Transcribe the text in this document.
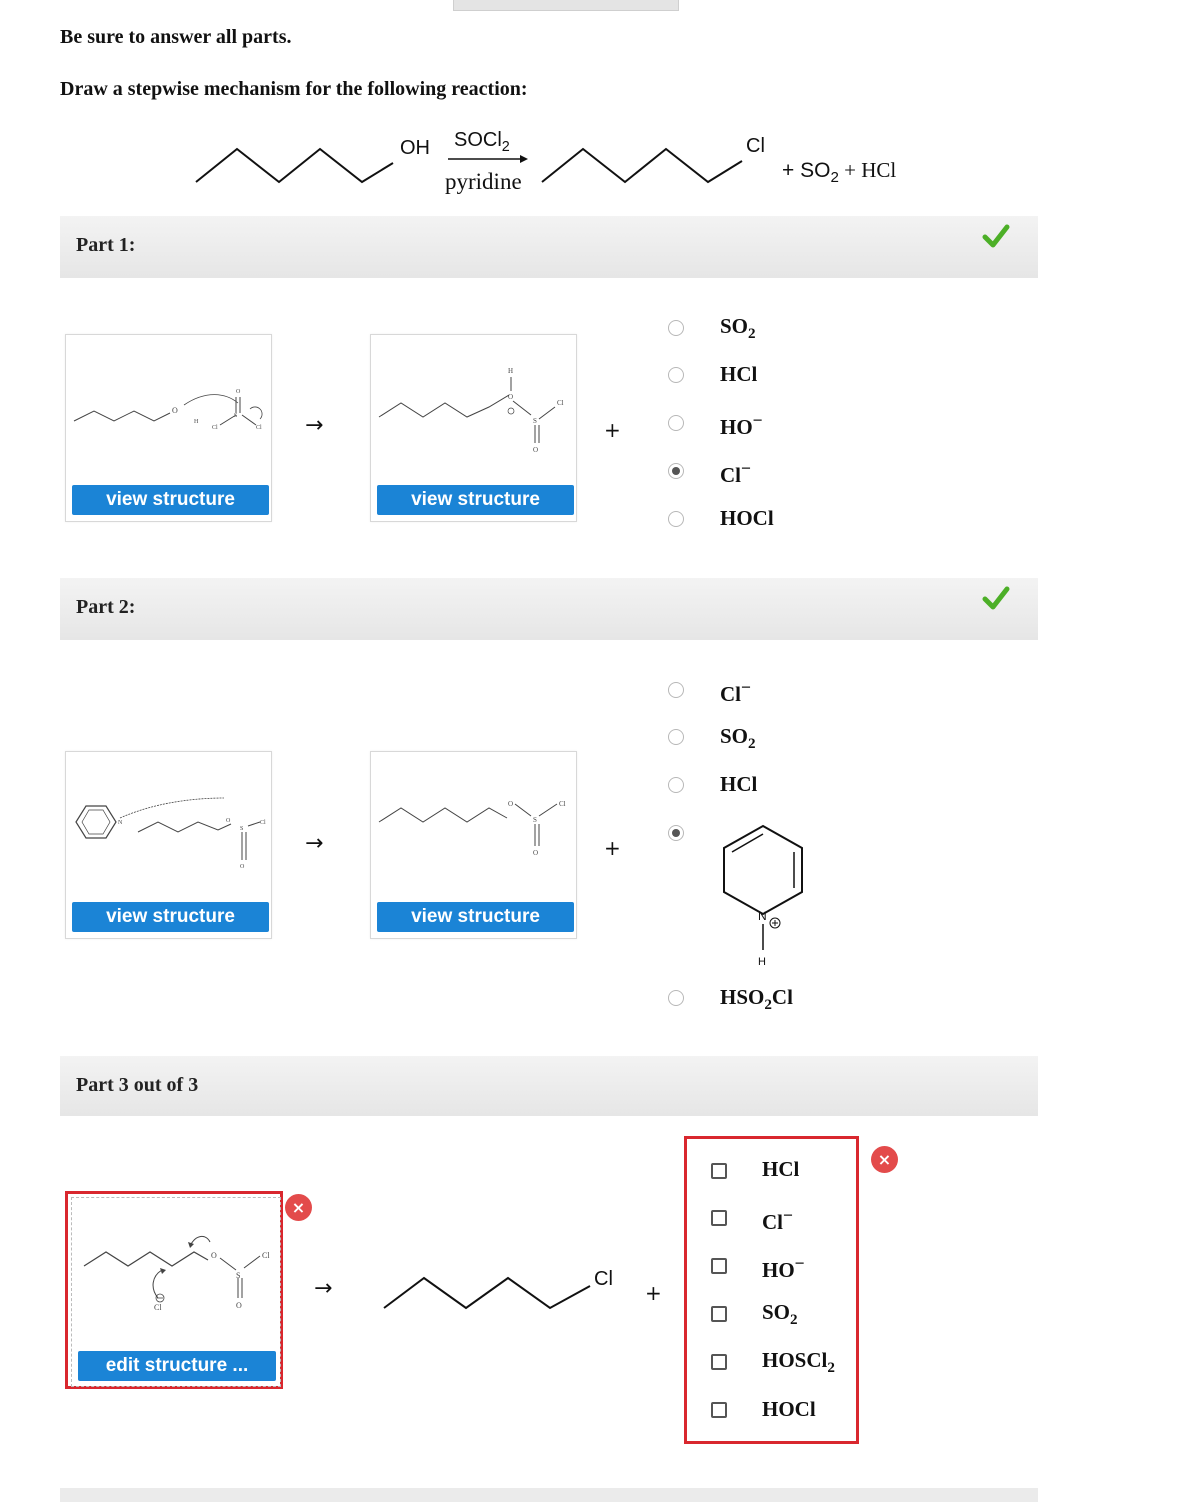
Be sure to answer all parts.
Draw a stepwise mechanism for the following reaction:
OH SOCl$_2$
pyridine
Cl
+ $SO_2$ + HCl
Part 1:
O
H
Cl
O
S
Cl
view structure
→
H
O
S
Cl
O
view structure
+
$SO_2$
HCl
HO−
Cl−
HOCl
Part 2:
N	O
S
Cl
O
view structure
→
O
S
Cl
O
view structure
+
Cl−
$SO_2$
HCl
N
H
$HSO_2Cl$
Part 3 out of 3
O
S
Cl
O
Cl
edit structure ...
×
→	Cl
+
HCl
Cl−
HO−
$SO_2$
HOSCl$_2$
HOCl
×
